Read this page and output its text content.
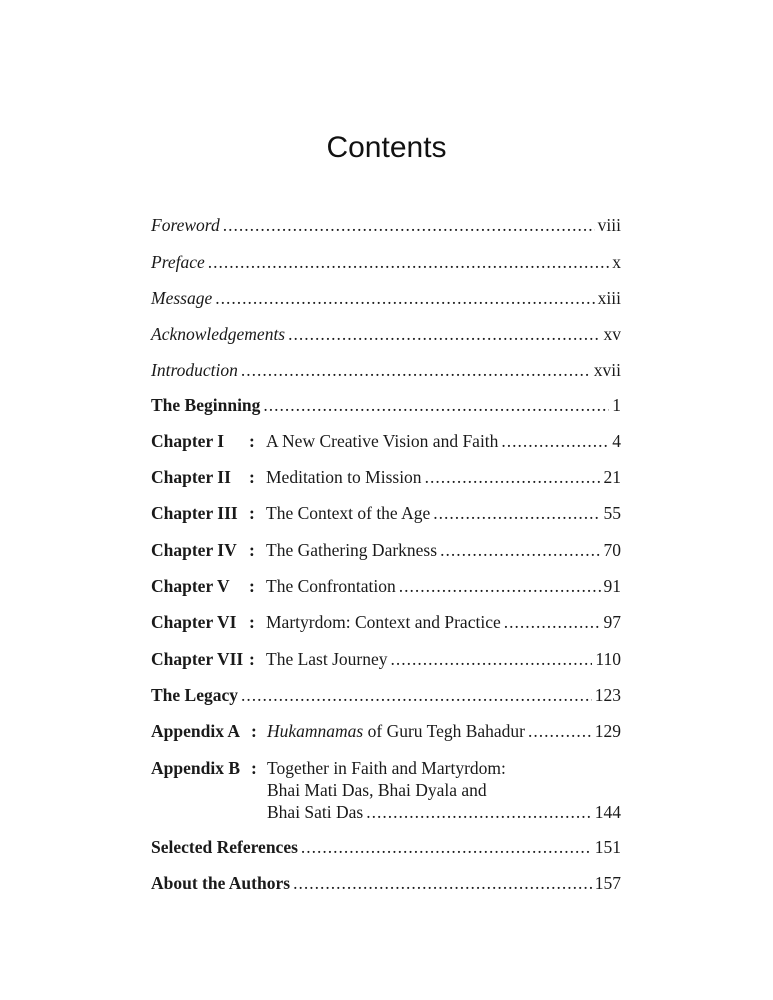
Contents
Foreword .....	viii
Preface .....	x
Message .....	xiii
Acknowledgements .....	xv
Introduction .....	xvii
The Beginning .....	1
Chapter I	: A New Creative Vision and Faith .....	4
Chapter II	: Meditation to Mission .....	21
Chapter III : The Context of the Age .....	55
Chapter IV : The Gathering Darkness .....	70
Chapter V	: The Confrontation .....	91
Chapter VI : Martyrdom: Context and Practice .....	97
Chapter VII : The Last Journey .....	110
The Legacy .....	123
Appendix A : Hukamnamas of Guru Tegh Bahadur .....	129
Appendix B : Together in Faith and Martyrdom:
Bhai Mati Das, Bhai Dyala and
Bhai Sati Das .....	144
Selected References .....	151
About the Authors .....	157
